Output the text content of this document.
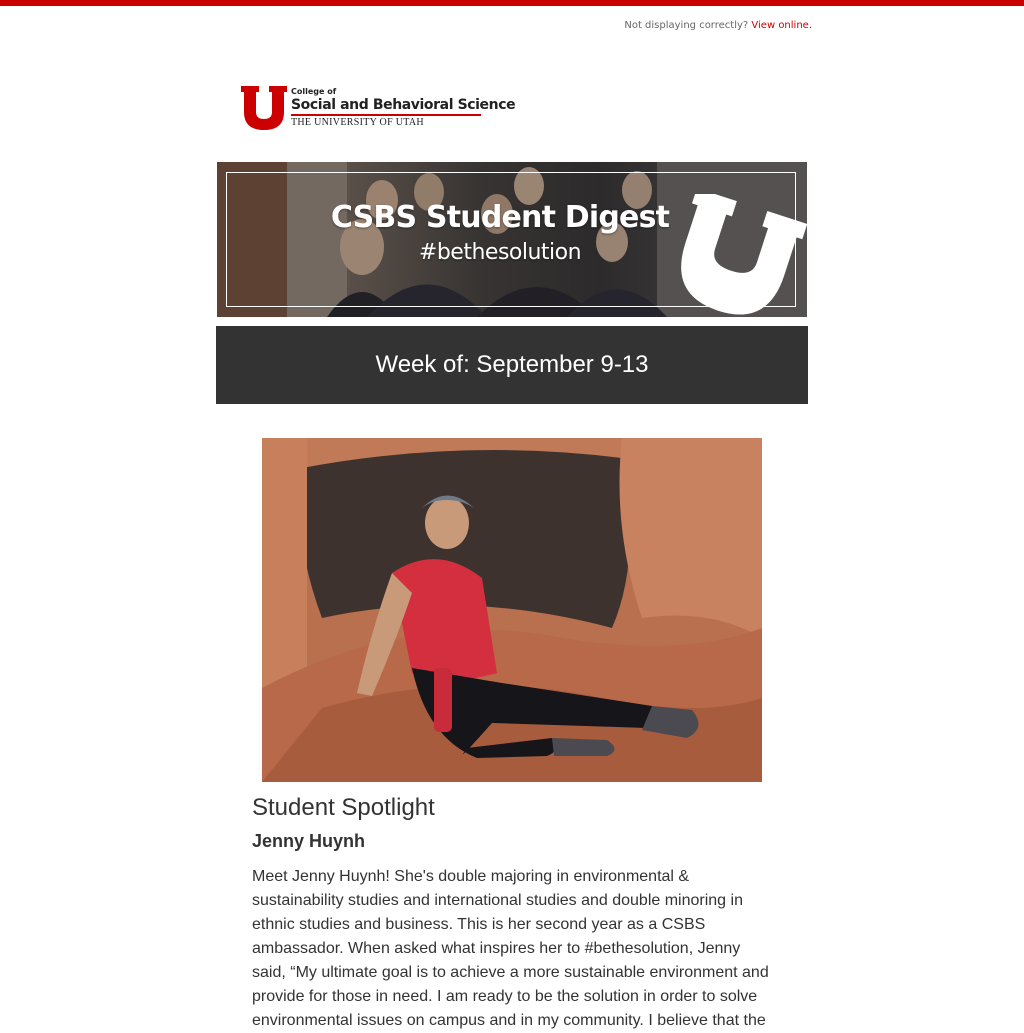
Not displaying correctly? View online.
College of
Social and Behavioral Science
THE UNIVERSITY OF UTAH
CSBS Student Digest
#bethesolution
Week of: September 9-13
Student Spotlight
Jenny Huynh
Meet Jenny Huynh! She's double majoring in environmental & sustainability studies and international studies and double minoring in ethnic studies and business. This is her second year as a CSBS ambassador. When asked what inspires her to #bethesolution, Jenny said, “My ultimate goal is to achieve a more sustainable environment and provide for those in need. I am ready to be the solution in order to solve environmental issues on campus and in my community. I believe that the
